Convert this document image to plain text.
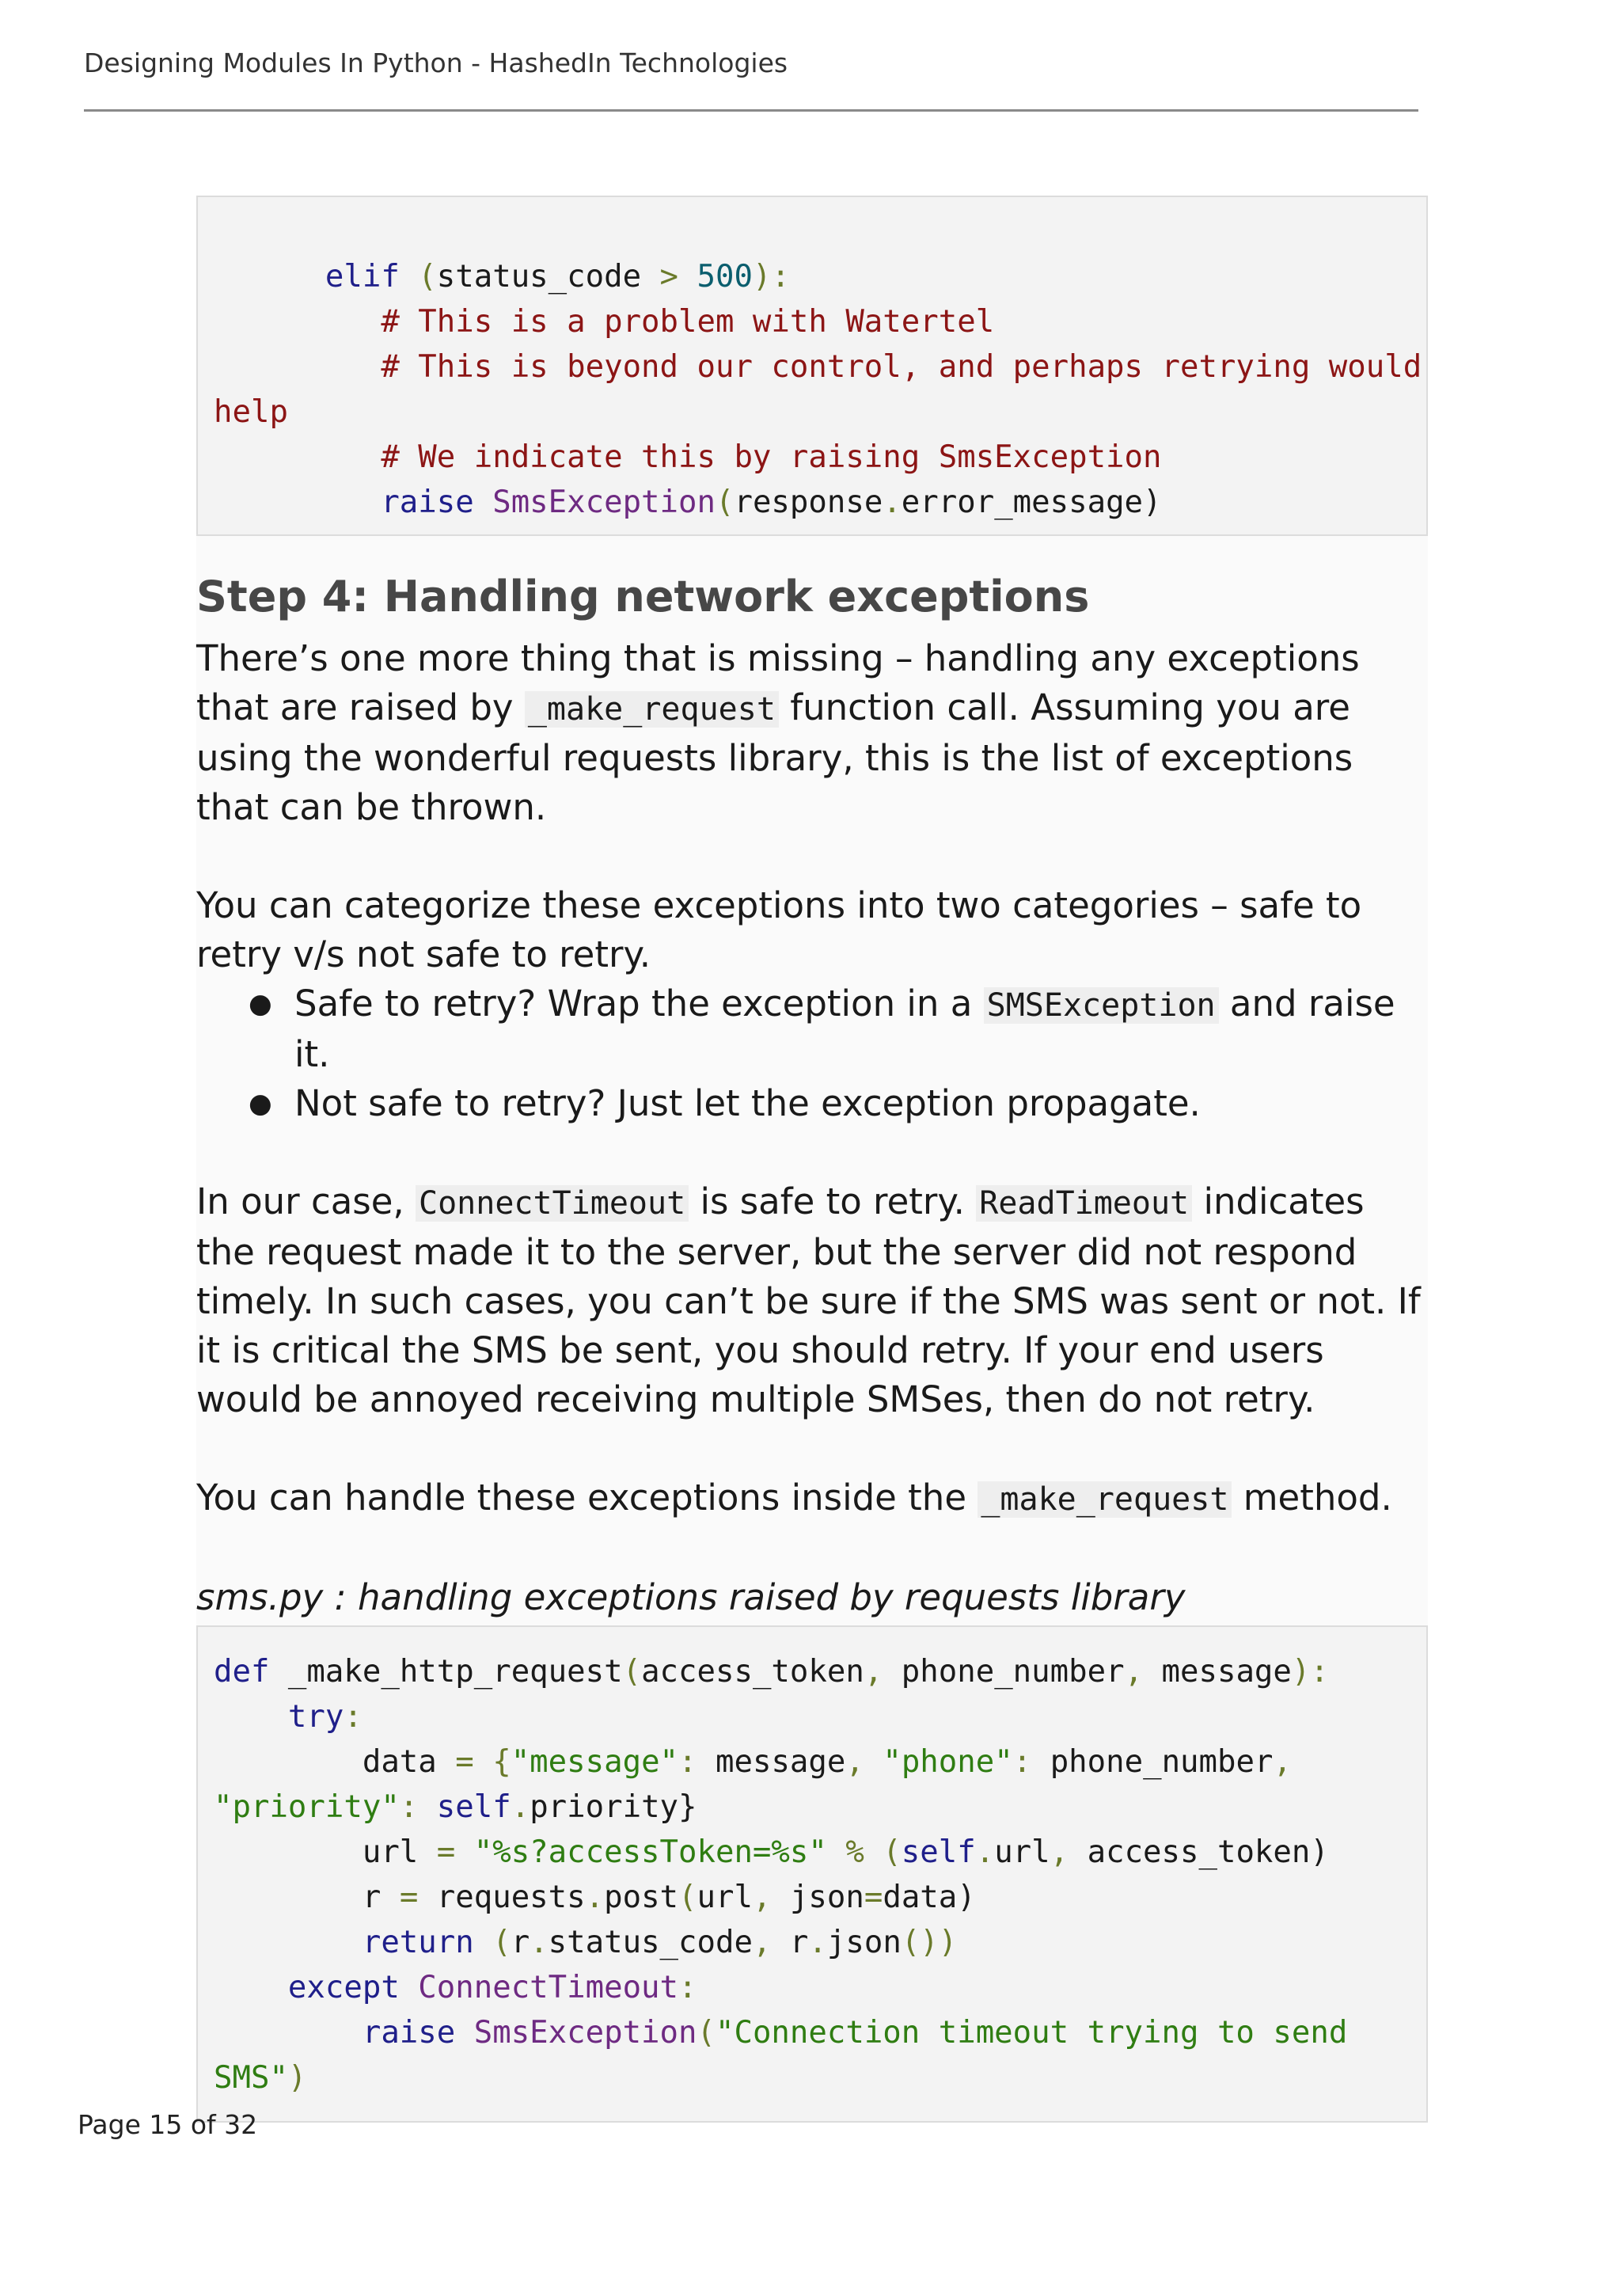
Designing Modules In Python - HashedIn Technologies
elif (status_code > 500):
# This is a problem with Watertel
# This is beyond our control, and perhaps retrying would
help
# We indicate this by raising SmsException
raise SmsException(response.error_message)
Step 4: Handling network exceptions

There’s one more thing that is missing – handling any exceptions that are raised by _make_request function call. Assuming you are using the wonderful requests library, this is the list of exceptions that can be thrown.

You can categorize these exceptions into two categories – safe to retry v/s not safe to retry.

● Safe to retry? Wrap the exception in a SMSException and raise it.
● Not safe to retry? Just let the exception propagate.

In our case, ConnectTimeout is safe to retry. ReadTimeout indicates the request made it to the server, but the server did not respond timely. In such cases, you can’t be sure if the SMS was sent or not. If it is critical the SMS be sent, you should retry. If your end users would be annoyed receiving multiple SMSes, then do not retry.

You can handle these exceptions inside the _make_request method.

sms.py : handling exceptions raised by requests library
def _make_http_request(access_token, phone_number, message):
try:
data = {"message": message, "phone": phone_number,
"priority": self.priority}
url = "%s?accessToken=%s" % (self.url, access_token)
r = requests.post(url, json=data)
return (r.status_code, r.json())
except ConnectTimeout:
raise SmsException("Connection timeout trying to send
SMS")
Page 15 of 32
